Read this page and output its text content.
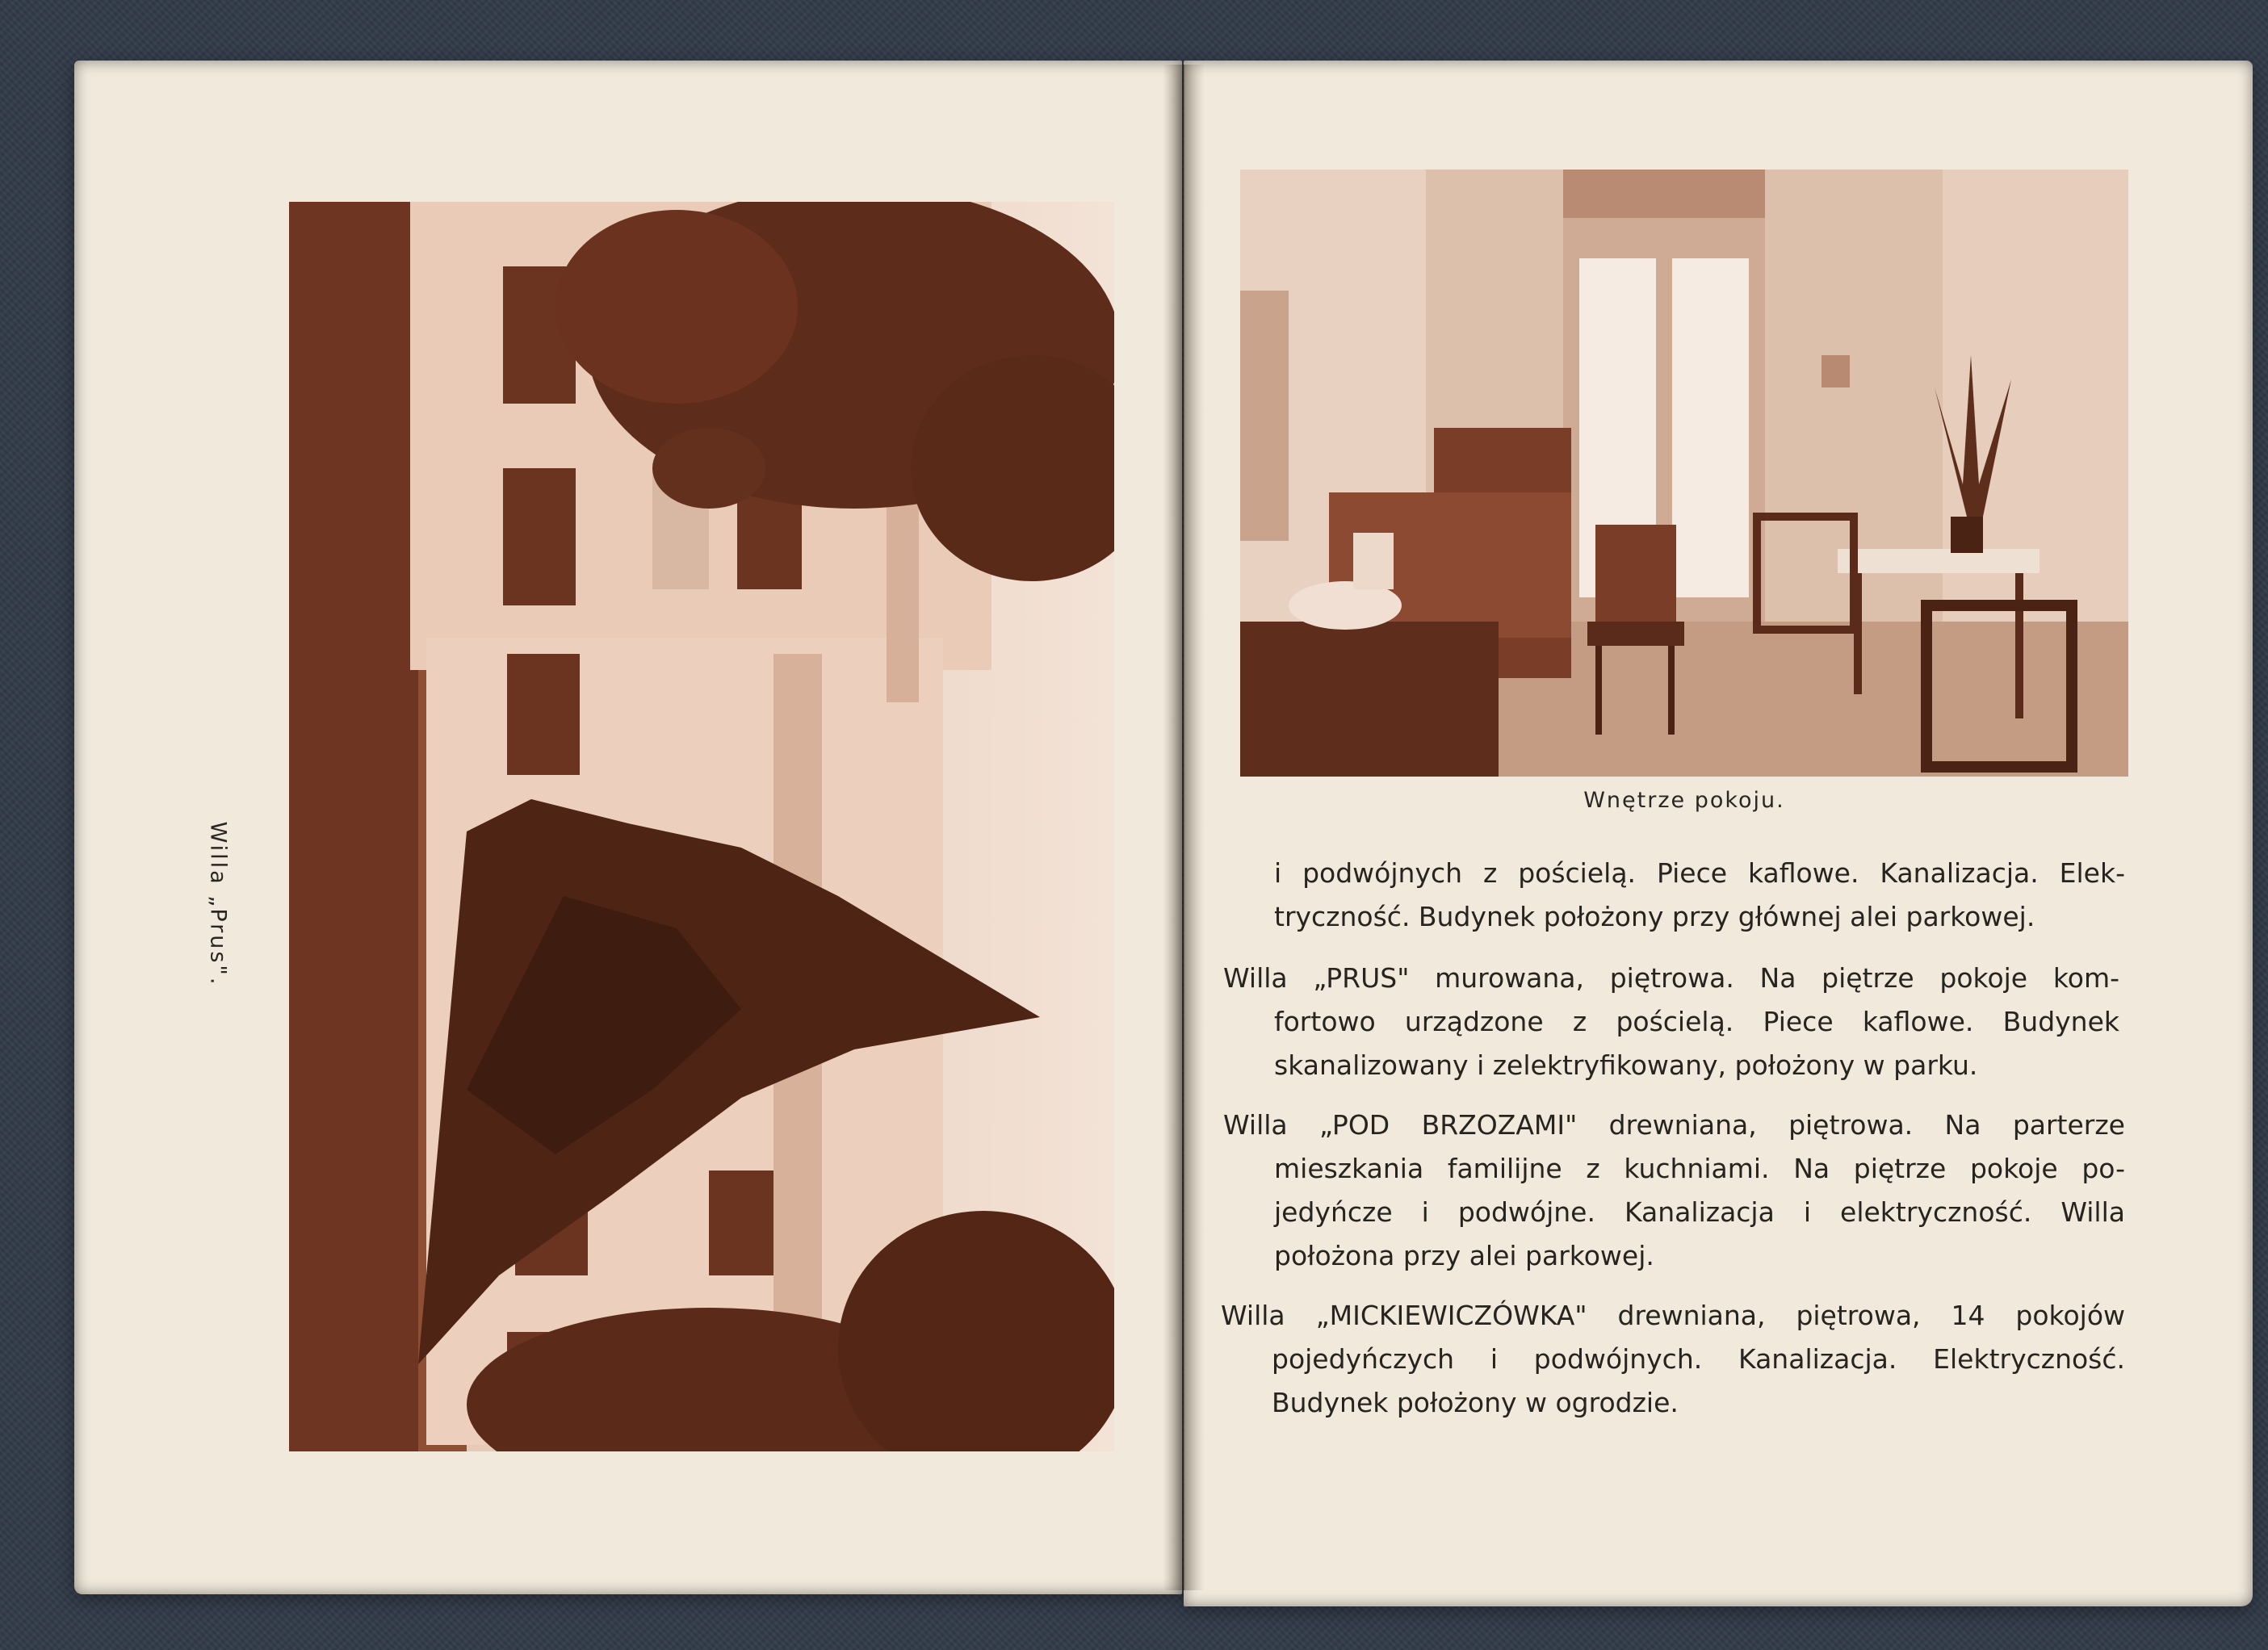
Willa „Prus".
Wnętrze pokoju.
i podwójnych z pościelą. Piece kaflowe. Kanalizacja. Elek-
tryczność. Budynek położony przy głównej alei parkowej.
Willa „PRUS" murowana, piętrowa. Na piętrze pokoje kom-
fortowo urządzone z pościelą. Piece kaflowe. Budynek
skanalizowany i zelektryfikowany, położony w parku.
Willa „POD BRZOZAMI" drewniana, piętrowa. Na parterze
mieszkania familijne z kuchniami. Na piętrze pokoje po-
jedyńcze i podwójne. Kanalizacja i elektryczność. Willa
położona przy alei parkowej.
Willa „MICKIEWICZÓWKA" drewniana, piętrowa, 14 pokojów
pojedyńczych i podwójnych. Kanalizacja. Elektryczność.
Budynek położony w ogrodzie.
